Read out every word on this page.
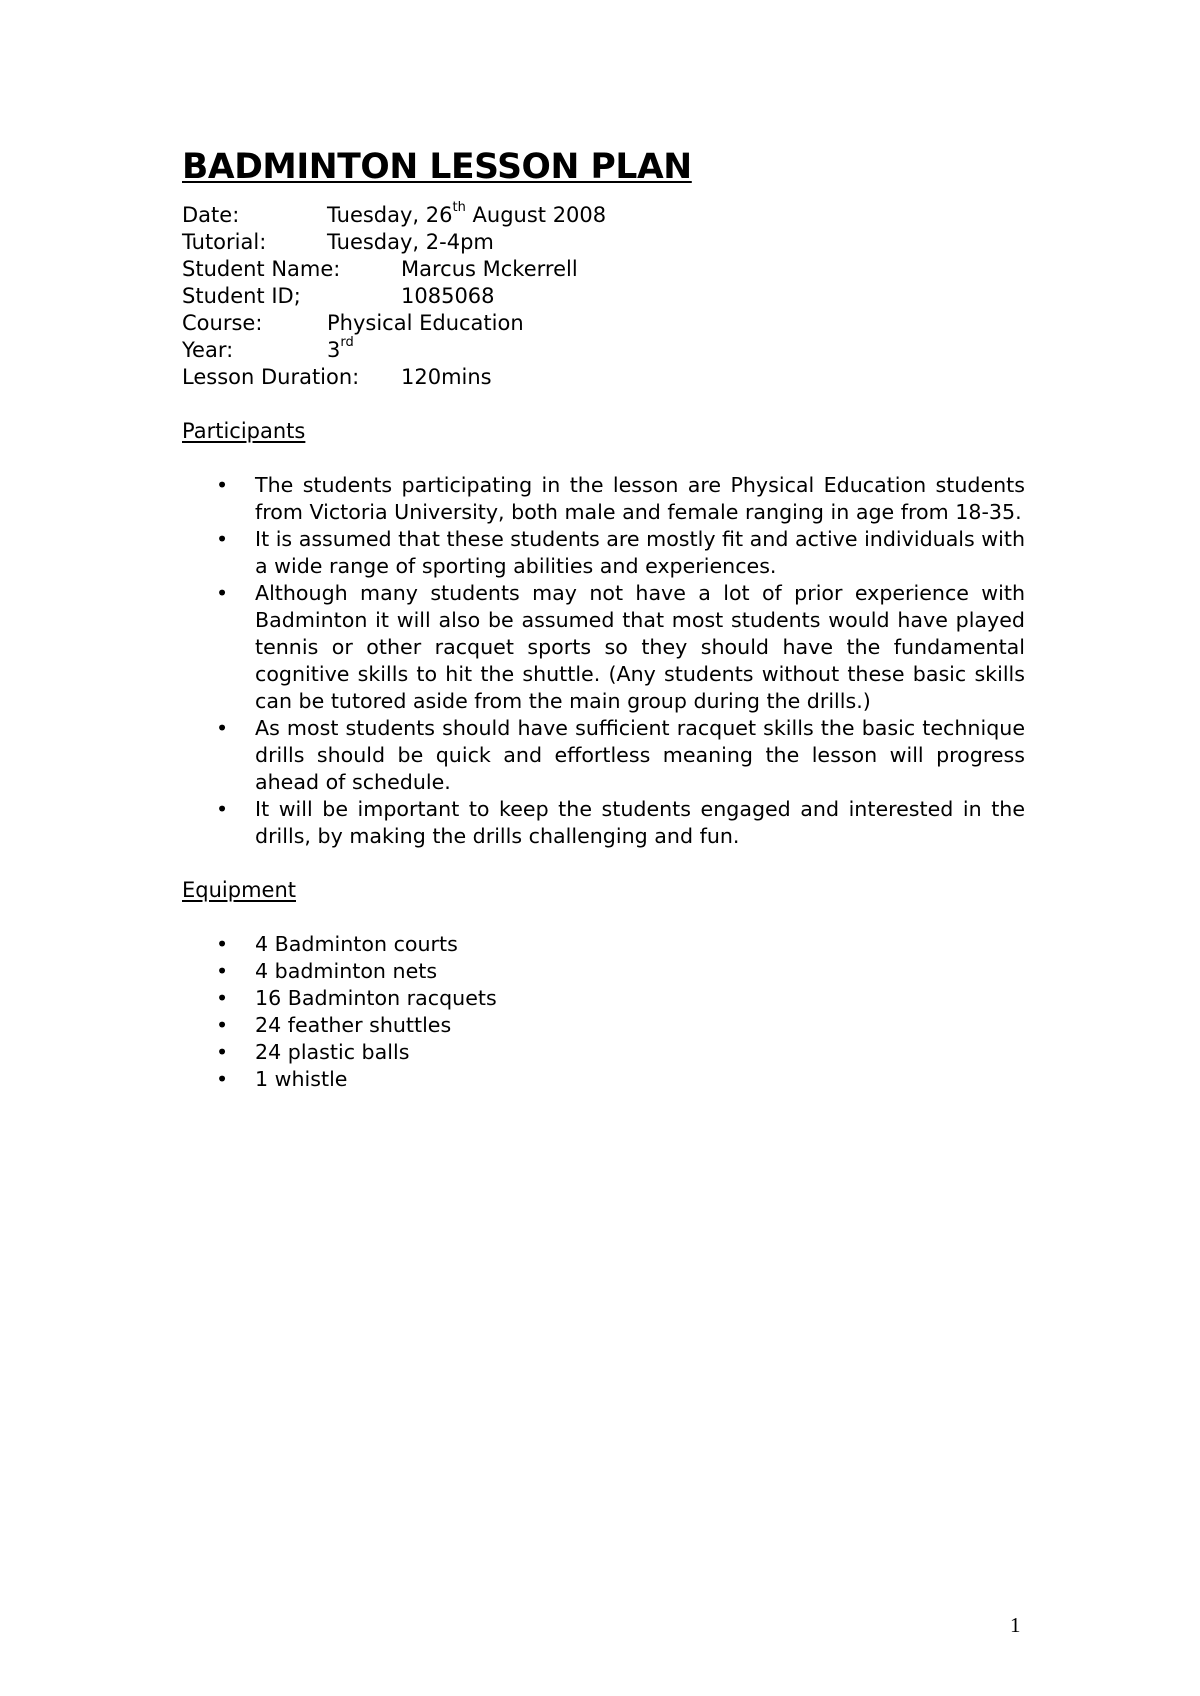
BADMINTON LESSON PLAN
Date:	Tuesday, 26th August 2008
Tutorial:	Tuesday, 2-4pm
Student Name:	Marcus Mckerrell
Student ID;	1085068
Course:	Physical Education
Year:	3rd
Lesson Duration: 120mins
Participants
• The students participating in the lesson are Physical Education students from Victoria University, both male and female ranging in age from 18-35.
• It is assumed that these students are mostly fit and active individuals with a wide range of sporting abilities and experiences.
• Although many students may not have a lot of prior experience with Badminton it will also be assumed that most students would have played tennis or other racquet sports so they should have the fundamental cognitive skills to hit the shuttle. (Any students without these basic skills can be tutored aside from the main group during the drills.)
• As most students should have sufficient racquet skills the basic technique drills should be quick and effortless meaning the lesson will progress ahead of schedule.
• It will be important to keep the students engaged and interested in the drills, by making the drills challenging and fun.
Equipment
• 4 Badminton courts
• 4 badminton nets
• 16 Badminton racquets
• 24 feather shuttles
• 24 plastic balls
• 1 whistle
1
